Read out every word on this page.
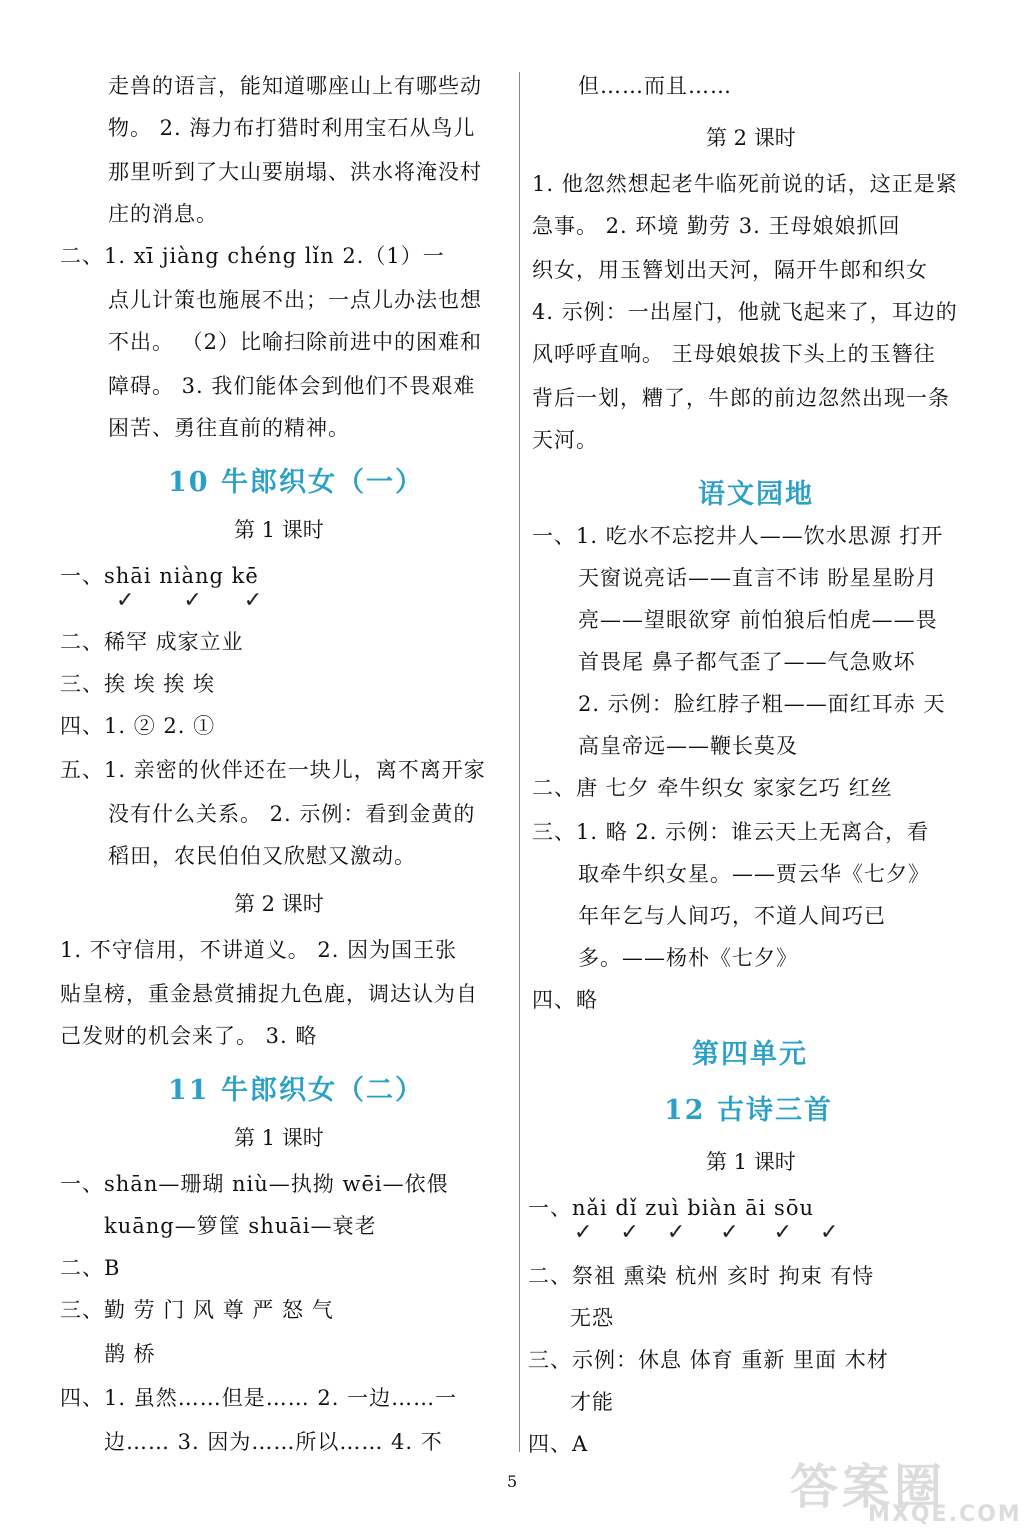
走兽的语言，能知道哪座山上有哪些动
物。 2. 海力布打猎时利用宝石从鸟儿
那里听到了大山要崩塌、洪水将淹没村
庄的消息。
二、1. xī jiàng chéng lǐn 2.（1）一
点儿计策也施展不出；一点儿办法也想
不出。 （2）比喻扫除前进中的困难和
障碍。 3. 我们能体会到他们不畏艰难
困苦、勇往直前的精神。
10 牛郎织女（一）
第 1 课时
一、shāi niàng kē
✓       ✓      ✓
二、稀罕 成家立业
三、挨 埃 挨 埃
四、1. ② 2. ①
五、1. 亲密的伙伴还在一块儿，离不离开家
没有什么关系。 2. 示例：看到金黄的
稻田，农民伯伯又欣慰又激动。
第 2 课时
1. 不守信用，不讲道义。 2. 因为国王张
贴皇榜，重金悬赏捕捉九色鹿，调达认为自
己发财的机会来了。 3. 略
11 牛郎织女（二）
第 1 课时
一、shān—珊瑚 niù—执拗 wēi—依偎
kuāng—箩筐 shuāi—衰老
二、B
三、勤 劳 门 风 尊 严 怒 气
鹊 桥
四、1. 虽然……但是…… 2. 一边……一
边…… 3. 因为……所以…… 4. 不
但……而且……
第 2 课时
1. 他忽然想起老牛临死前说的话，这正是紧
急事。 2. 环境 勤劳 3. 王母娘娘抓回
织女，用玉簪划出天河，隔开牛郎和织女
4. 示例：一出屋门，他就飞起来了，耳边的
风呼呼直响。 王母娘娘拔下头上的玉簪往
背后一划，糟了，牛郎的前边忽然出现一条
天河。
语文园地
一、1. 吃水不忘挖井人——饮水思源 打开
天窗说亮话——直言不讳 盼星星盼月
亮——望眼欲穿 前怕狼后怕虎——畏
首畏尾 鼻子都气歪了——气急败坏
2. 示例：脸红脖子粗——面红耳赤 天
高皇帝远——鞭长莫及
二、唐 七夕 牵牛织女 家家乞巧 红丝
三、1. 略 2. 示例：谁云天上无离合，看
取牵牛织女星。——贾云华《七夕》
年年乞与人间巧，不道人间巧已
多。——杨朴《七夕》
四、略
第四单元
12 古诗三首
第 1 课时
一、nǎi dǐ zuì biàn āi sōu
✓    ✓    ✓     ✓     ✓    ✓
二、祭祖 熏染 杭州 亥时 拘束 有恃
无恐
三、示例：休息 体育 重新 里面 木材
才能
四、A
5	答案圈
MXQE.COM
